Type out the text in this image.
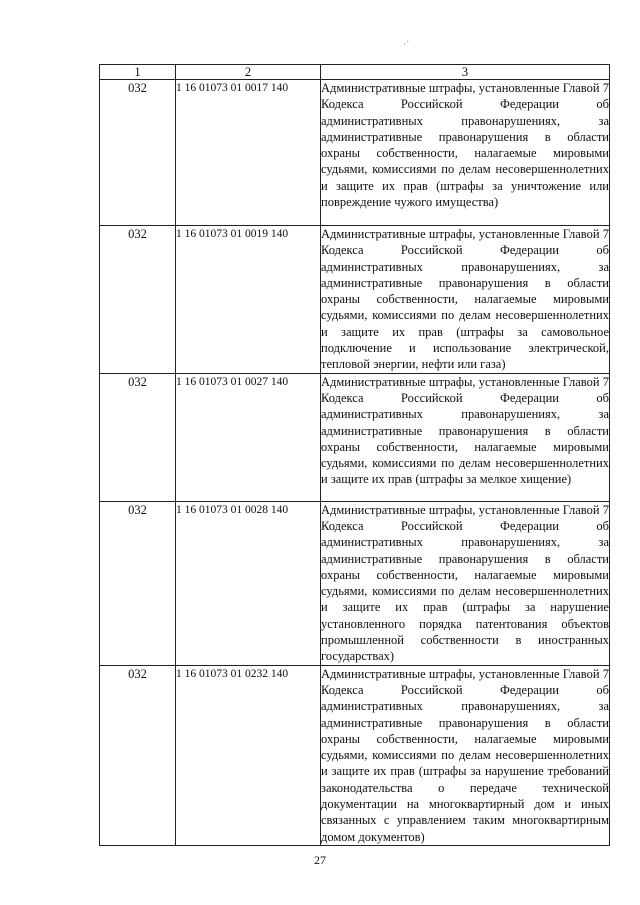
·´
1	2	3
032	1 16 01073 01 0017 140	Административные штрафы, установленные Главой 7 Кодекса Российской Федерации об административных правонарушениях, за административные правонарушения в области охраны собственности, налагаемые мировыми судьями, комиссиями по делам несовершеннолетних и защите их прав (штрафы за уничтожение или повреждение чужого имущества)
032	1 16 01073 01 0019 140	Административные штрафы, установленные Главой 7 Кодекса Российской Федерации об административных правонарушениях, за административные правонарушения в области охраны собственности, налагаемые мировыми судьями, комиссиями по делам несовершеннолетних и защите их прав (штрафы за самовольное подключение и использование электрической, тепловой энергии, нефти или газа)
032	1 16 01073 01 0027 140	Административные штрафы, установленные Главой 7 Кодекса Российской Федерации об административных правонарушениях, за административные правонарушения в области охраны собственности, налагаемые мировыми судьями, комиссиями по делам несовершеннолетних и защите их прав (штрафы за мелкое хищение)
032	1 16 01073 01 0028 140	Административные штрафы, установленные Главой 7 Кодекса Российской Федерации об административных правонарушениях, за административные правонарушения в области охраны собственности, налагаемые мировыми судьями, комиссиями по делам несовершеннолетних и защите их прав (штрафы за нарушение установленного порядка патентования объектов промышленной собственности в иностранных государствах)
032	1 16 01073 01 0232 140	Административные штрафы, установленные Главой 7 Кодекса Российской Федерации об административных правонарушениях, за административные правонарушения в области охраны собственности, налагаемые мировыми судьями, комиссиями по делам несовершеннолетних и защите их прав (штрафы за нарушение требований законодательства о передаче технической документации на многоквартирный дом и иных связанных с управлением таким многоквартирным домом документов)
27
